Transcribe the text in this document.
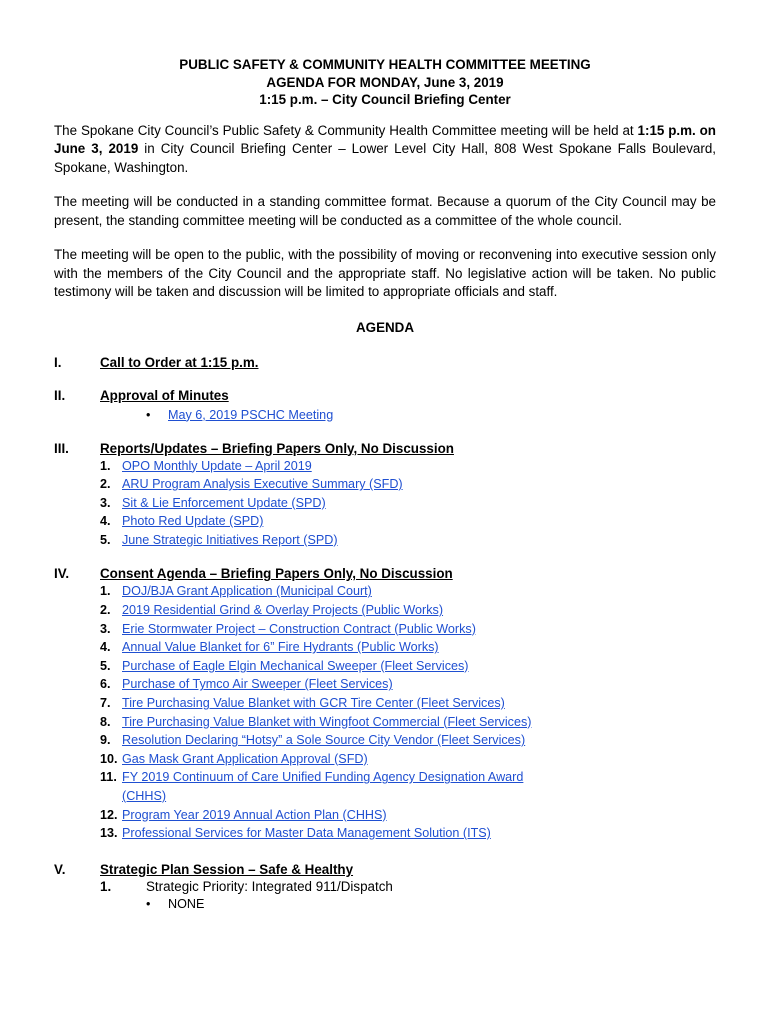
PUBLIC SAFETY & COMMUNITY HEALTH COMMITTEE MEETING
AGENDA FOR MONDAY, June 3, 2019
1:15 p.m. – City Council Briefing Center

The Spokane City Council’s Public Safety & Community Health Committee meeting will be held at 1:15 p.m. on June 3, 2019 in City Council Briefing Center – Lower Level City Hall, 808 West Spokane Falls Boulevard, Spokane, Washington.

The meeting will be conducted in a standing committee format. Because a quorum of the City Council may be present, the standing committee meeting will be conducted as a committee of the whole council.

The meeting will be open to the public, with the possibility of moving or reconvening into executive session only with the members of the City Council and the appropriate staff. No legislative action will be taken. No public testimony will be taken and discussion will be limited to appropriate officials and staff.

AGENDA
I.	Call to Order at 1:15 p.m.
II.	Approval of Minutes
•	May 6, 2019 PSCHC Meeting
III.	Reports/Updates – Briefing Papers Only, No Discussion
1. OPO Monthly Update – April 2019
2. ARU Program Analysis Executive Summary (SFD)
3. Sit & Lie Enforcement Update (SPD)
4. Photo Red Update (SPD)
5. June Strategic Initiatives Report (SPD)
IV.	Consent Agenda – Briefing Papers Only, No Discussion
1. DOJ/BJA Grant Application (Municipal Court)
2. 2019 Residential Grind & Overlay Projects (Public Works)
3. Erie Stormwater Project – Construction Contract (Public Works)
4. Annual Value Blanket for 6” Fire Hydrants (Public Works)
5. Purchase of Eagle Elgin Mechanical Sweeper (Fleet Services)
6. Purchase of Tymco Air Sweeper (Fleet Services)
7. Tire Purchasing Value Blanket with GCR Tire Center (Fleet Services)
8. Tire Purchasing Value Blanket with Wingfoot Commercial (Fleet Services)
9. Resolution Declaring “Hotsy” a Sole Source City Vendor (Fleet Services)
10. Gas Mask Grant Application Approval (SFD)
11. FY 2019 Continuum of Care Unified Funding Agency Designation Award
(CHHS)
12. Program Year 2019 Annual Action Plan (CHHS)
13. Professional Services for Master Data Management Solution (ITS)
V.	Strategic Plan Session – Safe & Healthy
1.	Strategic Priority: Integrated 911/Dispatch
•	NONE
